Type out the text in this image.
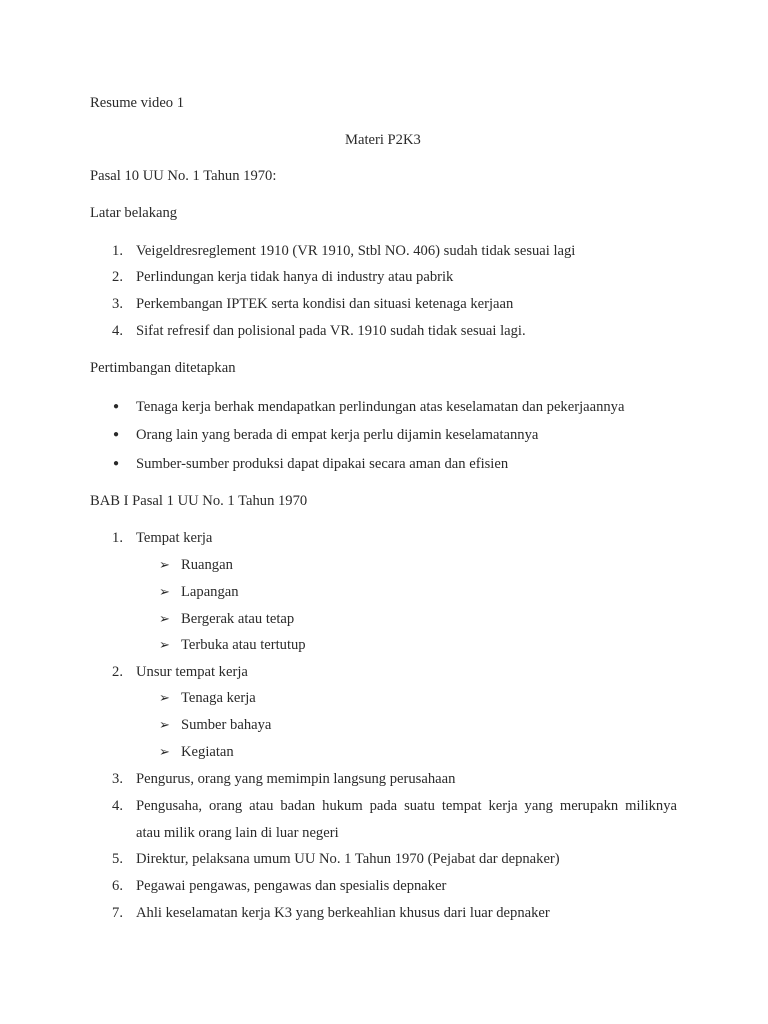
Resume video 1
Materi P2K3
Pasal 10 UU No. 1 Tahun 1970:
Latar belakang
1. Veigeldresreglement 1910 (VR 1910, Stbl NO. 406) sudah tidak sesuai lagi
2. Perlindungan kerja tidak hanya di industry atau pabrik
3. Perkembangan IPTEK serta kondisi dan situasi ketenaga kerjaan
4. Sifat refresif dan polisional pada VR. 1910 sudah tidak sesuai lagi.
Pertimbangan ditetapkan
● Tenaga kerja berhak mendapatkan perlindungan atas keselamatan dan pekerjaannya
● Orang lain yang berada di empat kerja perlu dijamin keselamatannya
● Sumber-sumber produksi dapat dipakai secara aman dan efisien
BAB I Pasal 1 UU No. 1 Tahun 1970
1. Tempat kerja
➢ Ruangan
➢ Lapangan
➢ Bergerak atau tetap
➢ Terbuka atau tertutup
2. Unsur tempat kerja
➢ Tenaga kerja
➢ Sumber bahaya
➢ Kegiatan
3. Pengurus, orang yang memimpin langsung perusahaan
4. Pengusaha, orang atau badan hukum pada suatu tempat kerja yang merupakn miliknya
atau milik orang lain di luar negeri
5. Direktur, pelaksana umum UU No. 1 Tahun 1970 (Pejabat dar depnaker)
6. Pegawai pengawas, pengawas dan spesialis depnaker
7. Ahli keselamatan kerja K3 yang berkeahlian khusus dari luar depnaker
